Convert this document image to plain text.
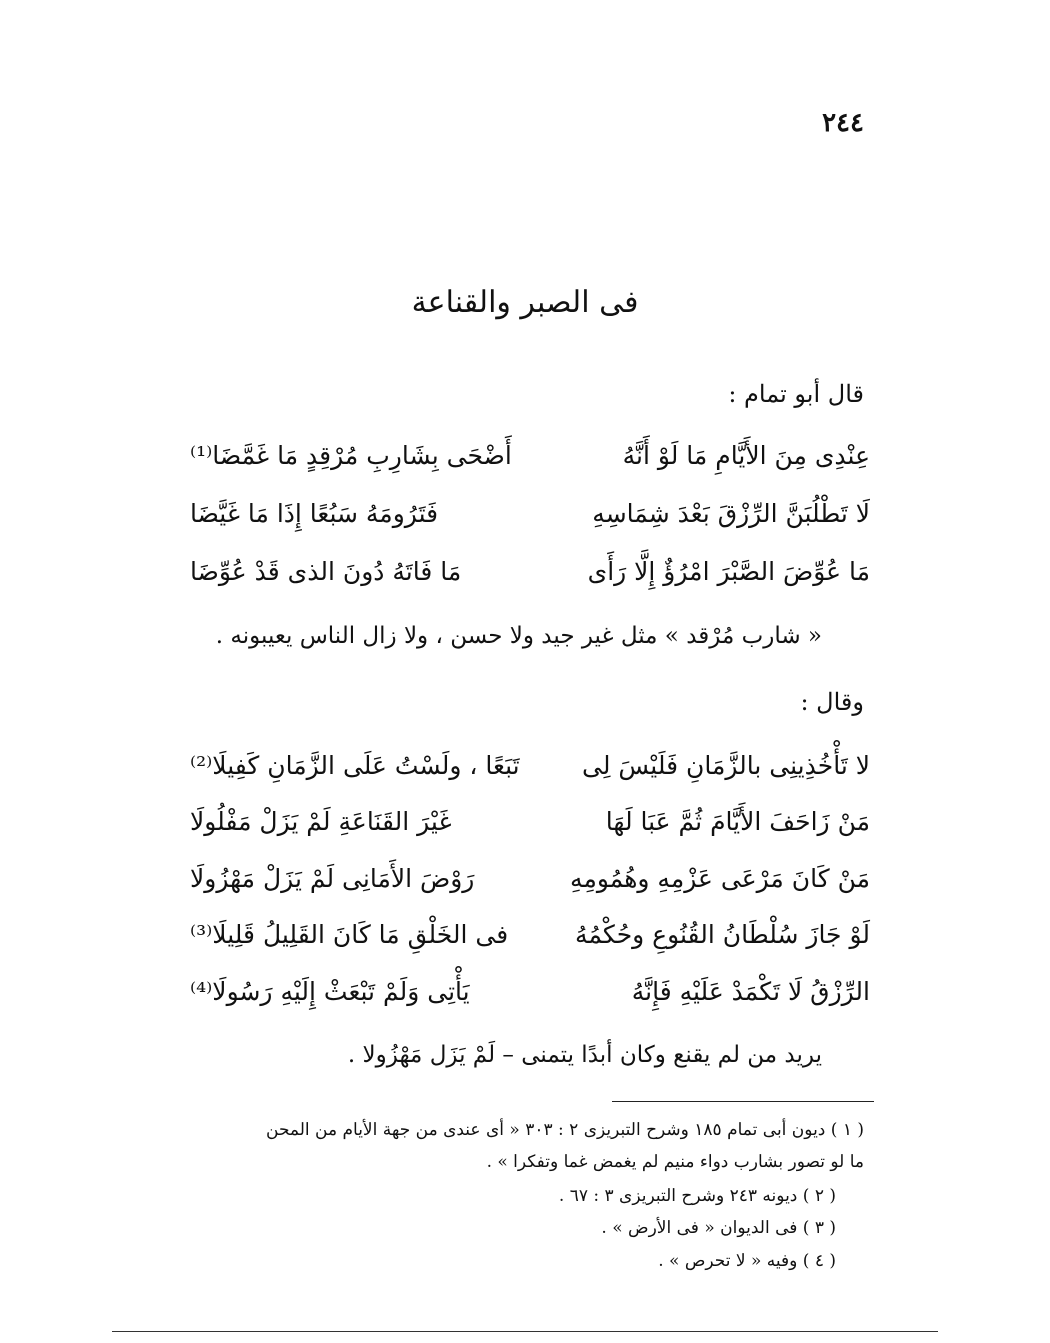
٢٤٤
فى الصبر والقناعة
قال أبو تمام :
عِنْدِى مِنَ الأَيَّامِ مَا لَوْ أَنَّهُ
أَضْحَى بِشَارِبِ مُرْقِدٍ مَا غَمَّضَا⁽¹⁾
لَا تَطْلُبَنَّ الرِّزْقَ بَعْدَ شِمَاسِهِ
فَتَرُومَهُ سَبُعًا إِذَا مَا غَيَّضَا
مَا عُوِّضَ الصَّبْرَ امْرُؤٌ إِلَّا رَأَى
مَا فَاتَهُ دُونَ الذى قَدْ عُوِّضَا
« شارب مُرْقد » مثل غير جيد ولا حسن ، ولا زال الناس يعيبونه .
وقال :
لا تَأْخُذِينِى بالزَّمَانِ فَلَيْسَ لِى
تَبَعًا ، ولَسْتُ عَلَى الزَّمَانِ كَفِيلَا⁽²⁾
مَنْ زَاحَفَ الأَيَّامَ ثُمَّ عَبَا لَهَا
غَيْرَ القَنَاعَةِ لَمْ يَزَلْ مَفْلُولَا
مَنْ كَانَ مَرْعَى عَزْمِهِ وهُمُومِهِ
رَوْضَ الأَمَانِى لَمْ يَزَلْ مَهْزُولَا
لَوْ جَازَ سُلْطَانُ القُنُوعِ وحُكْمُهُ
فى الخَلْقِ مَا كَانَ القَلِيلُ قَلِيلَا⁽³⁾
الرِّزْقُ لَا تَكْمَدْ عَلَيْهِ فَإِنَّهُ
يَأْتِى وَلَمْ تَبْعَثْ إِلَيْهِ رَسُولَا⁽⁴⁾
يريد من لم يقنع وكان أبدًا يتمنى – لَمْ يَزَل مَهْزُولا .
( ١ ) ديون أبى تمام ١٨٥ وشرح التبريزى ٢ : ٣٠٣ « أى عندى من جهة الأيام من المحن
ما لو تصور بشارب دواء منيم لم يغمض غما وتفكرا » .
( ٢ ) ديونه ٢٤٣ وشرح التبريزى ٣ : ٦٧ .
( ٣ ) فى الديوان « فى الأرض » .
( ٤ ) وفيه « لا تحرص » .
